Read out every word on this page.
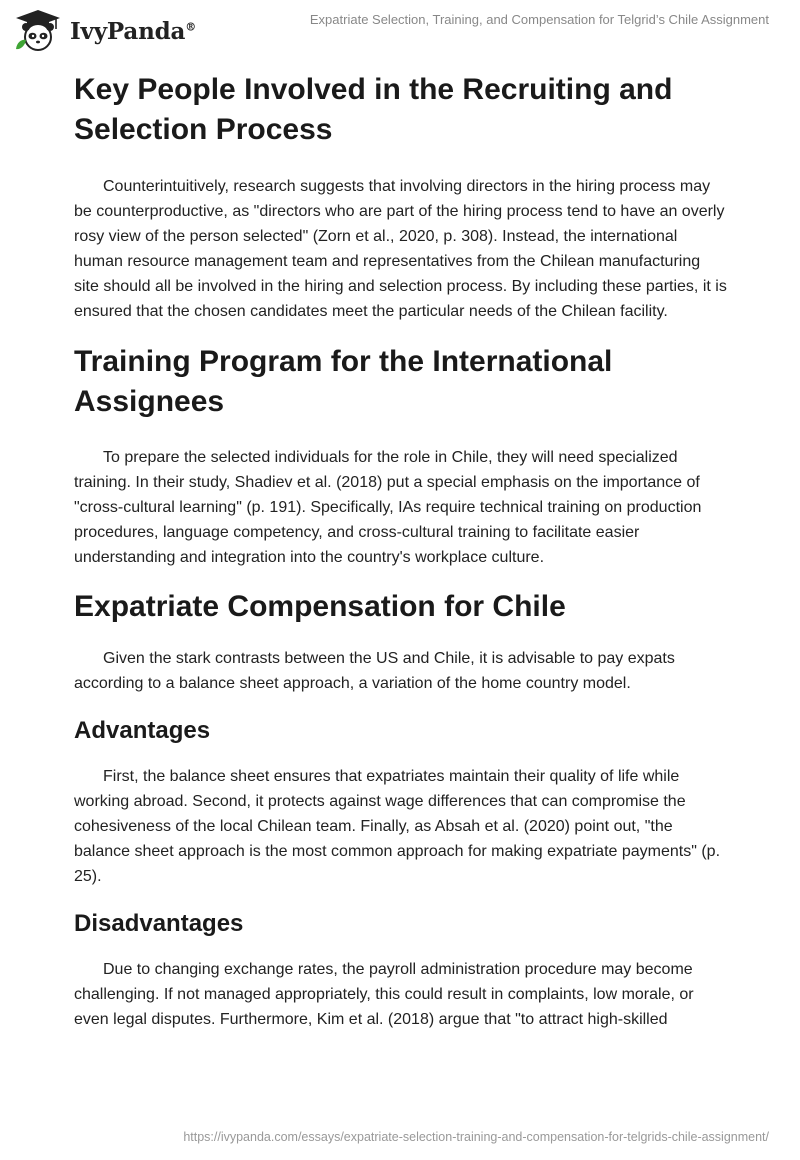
IvyPanda®	Expatriate Selection, Training, and Compensation for Telgrid’s Chile Assignment
Key People Involved in the Recruiting and Selection Process

Counterintuitively, research suggests that involving directors in the hiring process may be counterproductive, as "directors who are part of the hiring process tend to have an overly rosy view of the person selected" (Zorn et al., 2020, p. 308). Instead, the international human resource management team and representatives from the Chilean manufacturing site should all be involved in the hiring and selection process. By including these parties, it is ensured that the chosen candidates meet the particular needs of the Chilean facility.

Training Program for the International Assignees

To prepare the selected individuals for the role in Chile, they will need specialized training. In their study, Shadiev et al. (2018) put a special emphasis on the importance of "cross-cultural learning" (p. 191). Specifically, IAs require technical training on production procedures, language competency, and cross-cultural training to facilitate easier understanding and integration into the country's workplace culture.

Expatriate Compensation for Chile

Given the stark contrasts between the US and Chile, it is advisable to pay expats according to a balance sheet approach, a variation of the home country model.

Advantages

First, the balance sheet ensures that expatriates maintain their quality of life while working abroad. Second, it protects against wage differences that can compromise the cohesiveness of the local Chilean team. Finally, as Absah et al. (2020) point out, "the balance sheet approach is the most common approach for making expatriate payments" (p. 25).

Disadvantages

Due to changing exchange rates, the payroll administration procedure may become challenging. If not managed appropriately, this could result in complaints, low morale, or even legal disputes. Furthermore, Kim et al. (2018) argue that "to attract high-skilled

https://ivypanda.com/essays/expatriate-selection-training-and-compensation-for-telgrids-chile-assignment/
